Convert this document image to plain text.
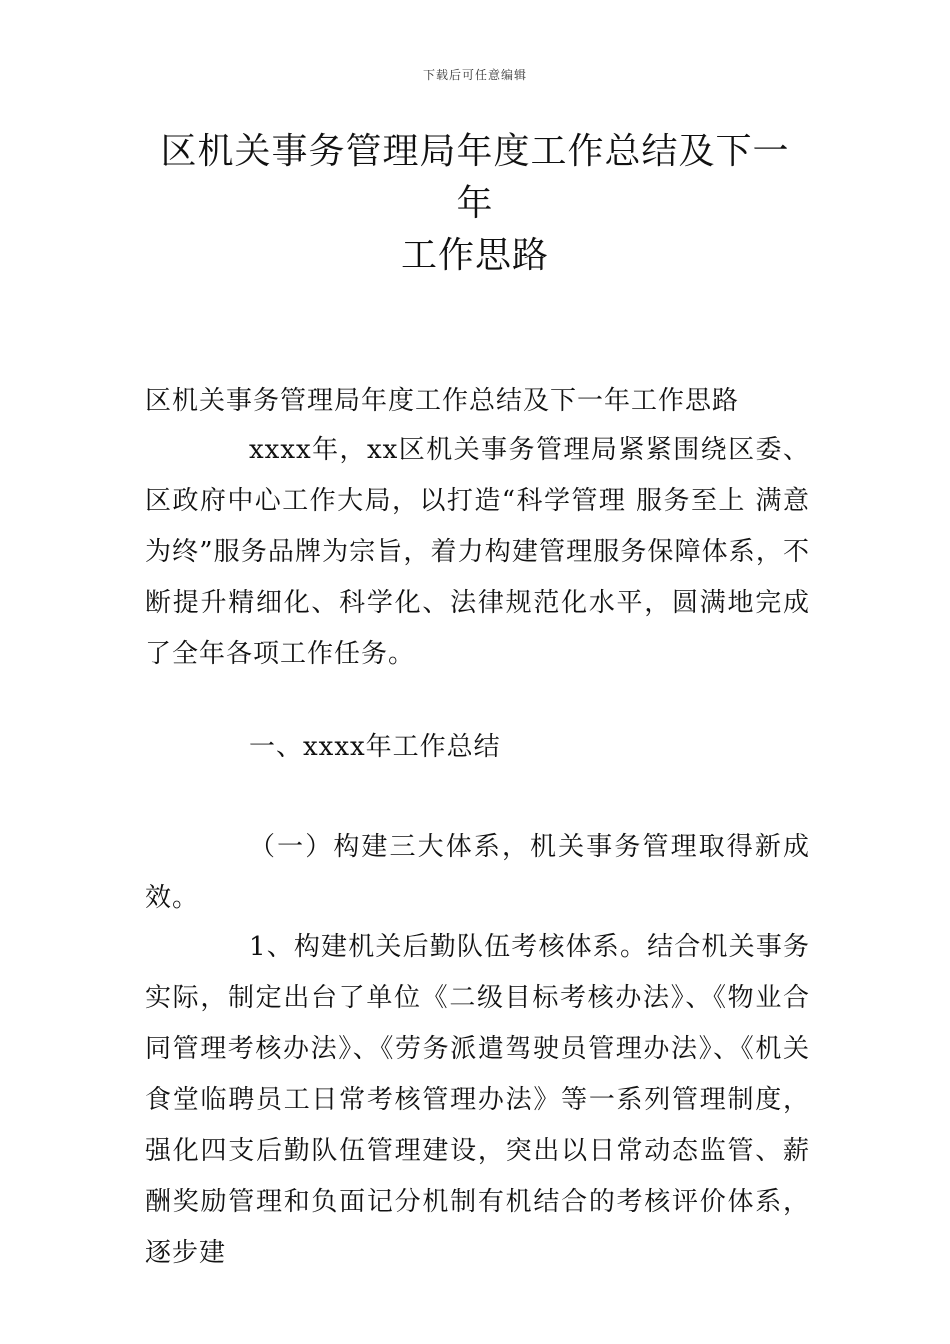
下载后可任意编辑
区机关事务管理局年度工作总结及下一年
工作思路

区机关事务管理局年度工作总结及下一年工作思路

xxxx年，xx区机关事务管理局紧紧围绕区委、区政府中心工作大局，以打造“科学管理 服务至上 满意为终”服务品牌为宗旨，着力构建管理服务保障体系，不断提升精细化、科学化、法律规范化水平，圆满地完成了全年各项工作任务。

一、xxxx年工作总结

（一）构建三大体系，机关事务管理取得新成效。

1、构建机关后勤队伍考核体系。结合机关事务实际，制定出台了单位《二级目标考核办法》、《物业合同管理考核办法》、《劳务派遣驾驶员管理办法》、《机关食堂临聘员工日常考核管理办法》等一系列管理制度，强化四支后勤队伍管理建设，突出以日常动态监管、薪酬奖励管理和负面记分机制有机结合的考核评价体系，逐步建
